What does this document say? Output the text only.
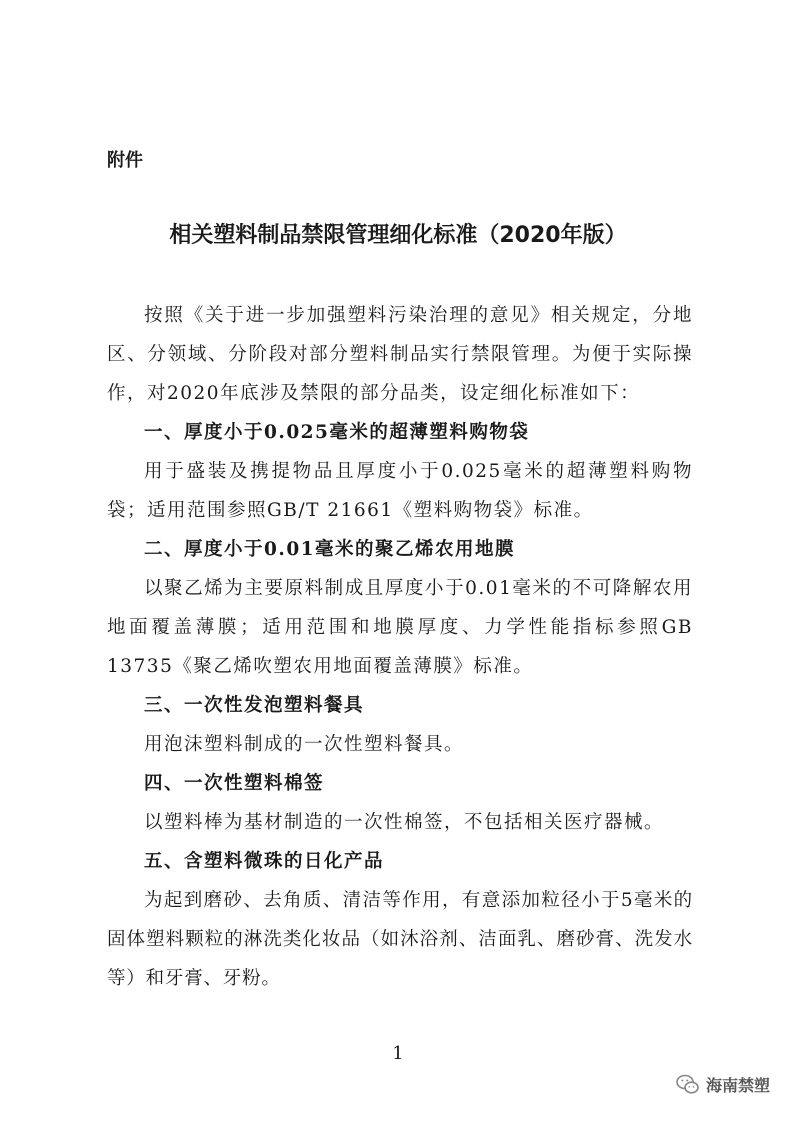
附件
相关塑料制品禁限管理细化标准（2020年版）

按照《关于进一步加强塑料污染治理的意见》相关规定，分地区、分领域、分阶段对部分塑料制品实行禁限管理。为便于实际操作，对2020年底涉及禁限的部分品类，设定细化标准如下：

一、厚度小于0.025毫米的超薄塑料购物袋

用于盛装及携提物品且厚度小于0.025毫米的超薄塑料购物袋；适用范围参照GB/T 21661《塑料购物袋》标准。

二、厚度小于0.01毫米的聚乙烯农用地膜

以聚乙烯为主要原料制成且厚度小于0.01毫米的不可降解农用地面覆盖薄膜；适用范围和地膜厚度、力学性能指标参照GB 13735《聚乙烯吹塑农用地面覆盖薄膜》标准。

三、一次性发泡塑料餐具

用泡沫塑料制成的一次性塑料餐具。

四、一次性塑料棉签

以塑料棒为基材制造的一次性棉签，不包括相关医疗器械。

五、含塑料微珠的日化产品

为起到磨砂、去角质、清洁等作用，有意添加粒径小于5毫米的固体塑料颗粒的淋洗类化妆品（如沐浴剂、洁面乳、磨砂膏、洗发水等）和牙膏、牙粉。

1
海南禁塑
